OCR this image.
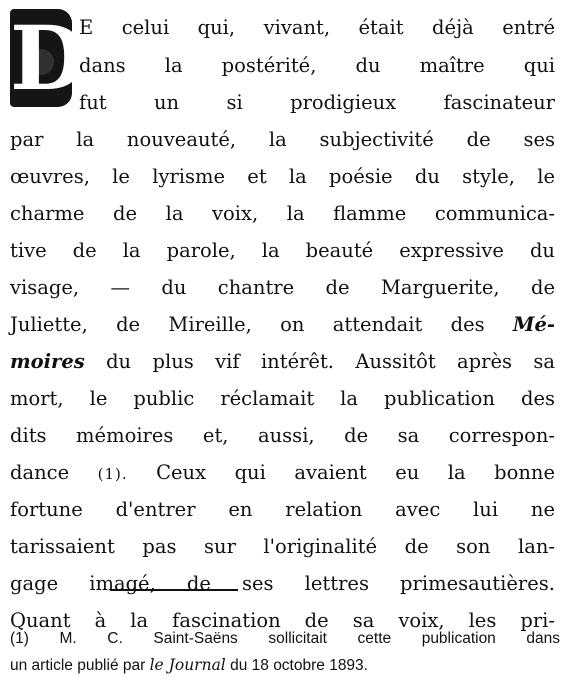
D
E celui qui, vivant, était déjà entré
dans la postérité, du maître qui
fut un si prodigieux fascinateur
par la nouveauté, la subjectivité de ses
œuvres, le lyrisme et la poésie du style, le
charme de la voix, la flamme communica-
tive de la parole, la beauté expressive du
visage, — du chantre de Marguerite, de
Juliette, de Mireille, on attendait des Mé-
moires du plus vif intérêt. Aussitôt après sa
mort, le public réclamait la publication des
dits mémoires et, aussi, de sa correspon-
dance (1). Ceux qui avaient eu la bonne
fortune d'entrer en relation avec lui ne
tarissaient pas sur l'originalité de son lan-
gage imagé, de ses lettres primesautières.
Quant à la fascination de sa voix, les pri-
(1) M. C. Saint-Saëns sollicitait cette publication dans
un article publié par le Journal du 18 octobre 1893.
